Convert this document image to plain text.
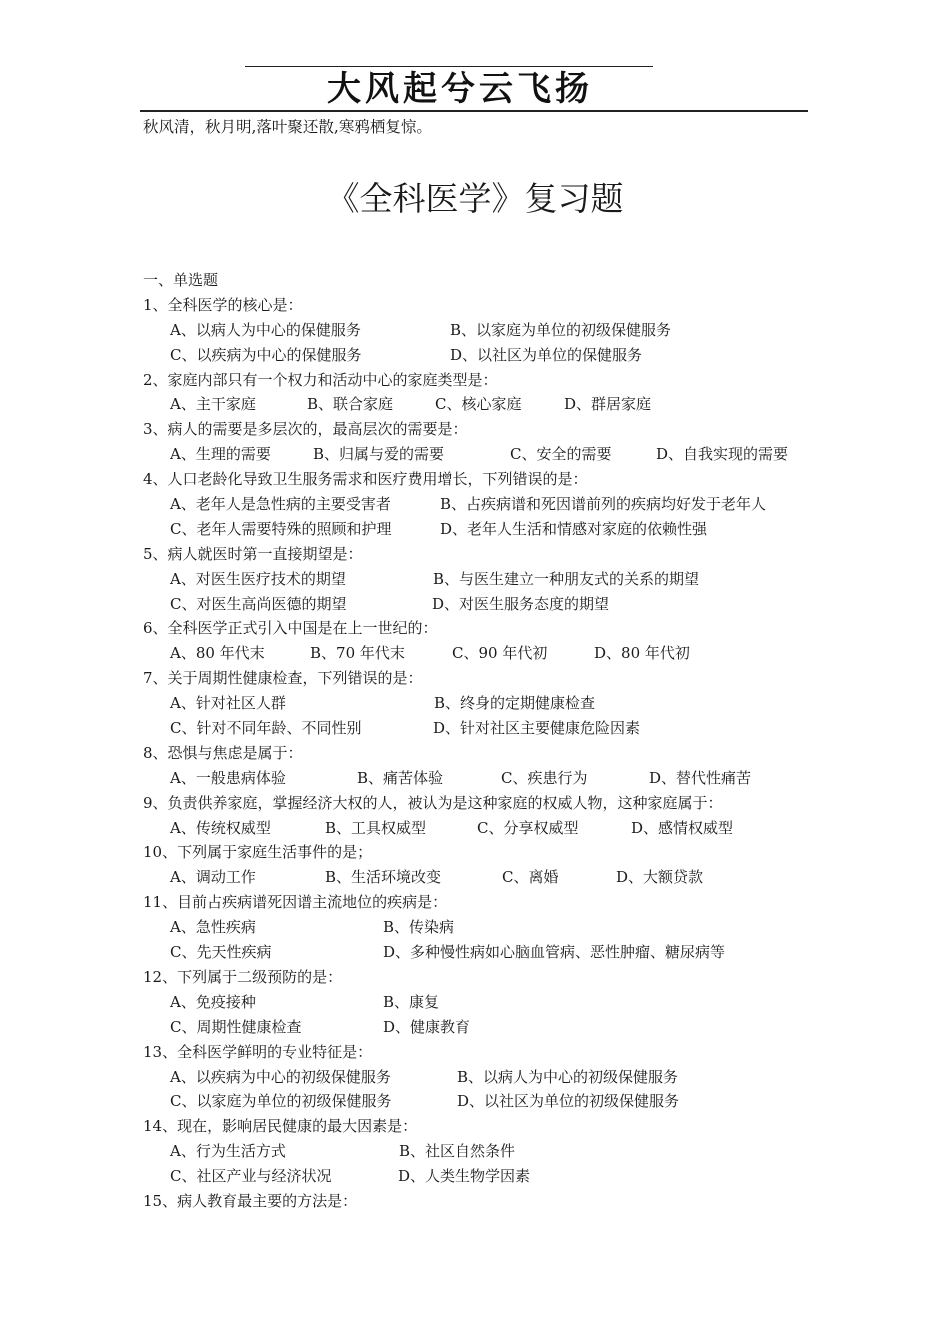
大风起兮云飞扬
秋风清，秋月明,落叶聚还散,寒鸦栖复惊。
《全科医学》复习题
一、单选题
1、全科医学的核心是：
A、以病人为中心的保健服务	B、以家庭为单位的初级保健服务
C、以疾病为中心的保健服务	D、以社区为单位的保健服务
2、家庭内部只有一个权力和活动中心的家庭类型是：
A、主干家庭	B、联合家庭	C、核心家庭	D、群居家庭
3、病人的需要是多层次的，最高层次的需要是：
A、生理的需要	B、归属与爱的需要	C、安全的需要	D、自我实现的需要
4、人口老龄化导致卫生服务需求和医疗费用增长，下列错误的是：
A、老年人是急性病的主要受害者	B、占疾病谱和死因谱前列的疾病均好发于老年人
C、老年人需要特殊的照顾和护理	D、老年人生活和情感对家庭的依赖性强
5、病人就医时第一直接期望是：
A、对医生医疗技术的期望	B、与医生建立一种朋友式的关系的期望
C、对医生高尚医德的期望	D、对医生服务态度的期望
6、全科医学正式引入中国是在上一世纪的：
A、80 年代末	B、70 年代末	C、90 年代初	D、80 年代初
7、关于周期性健康检查，下列错误的是：
A、针对社区人群	B、终身的定期健康检查
C、针对不同年龄、不同性别	D、针对社区主要健康危险因素
8、恐惧与焦虑是属于：
A、一般患病体验	B、痛苦体验	C、疾患行为	D、替代性痛苦
9、负责供养家庭，掌握经济大权的人，被认为是这种家庭的权威人物，这种家庭属于：
A、传统权威型	B、工具权威型	C、分享权威型	D、感情权威型
10、下列属于家庭生活事件的是；
A、调动工作	B、生活环境改变	C、离婚	D、大额贷款
11、目前占疾病谱死因谱主流地位的疾病是：
A、急性疾病	B、传染病
C、先天性疾病	D、多种慢性病如心脑血管病、恶性肿瘤、糖尿病等
12、下列属于二级预防的是：
A、免疫接种	B、康复
C、周期性健康检查	D、健康教育
13、全科医学鲜明的专业特征是：
A、以疾病为中心的初级保健服务	B、以病人为中心的初级保健服务
C、以家庭为单位的初级保健服务	D、以社区为单位的初级保健服务
14、现在，影响居民健康的最大因素是：
A、行为生活方式	B、社区自然条件
C、社区产业与经济状况	D、人类生物学因素
15、病人教育最主要的方法是：
